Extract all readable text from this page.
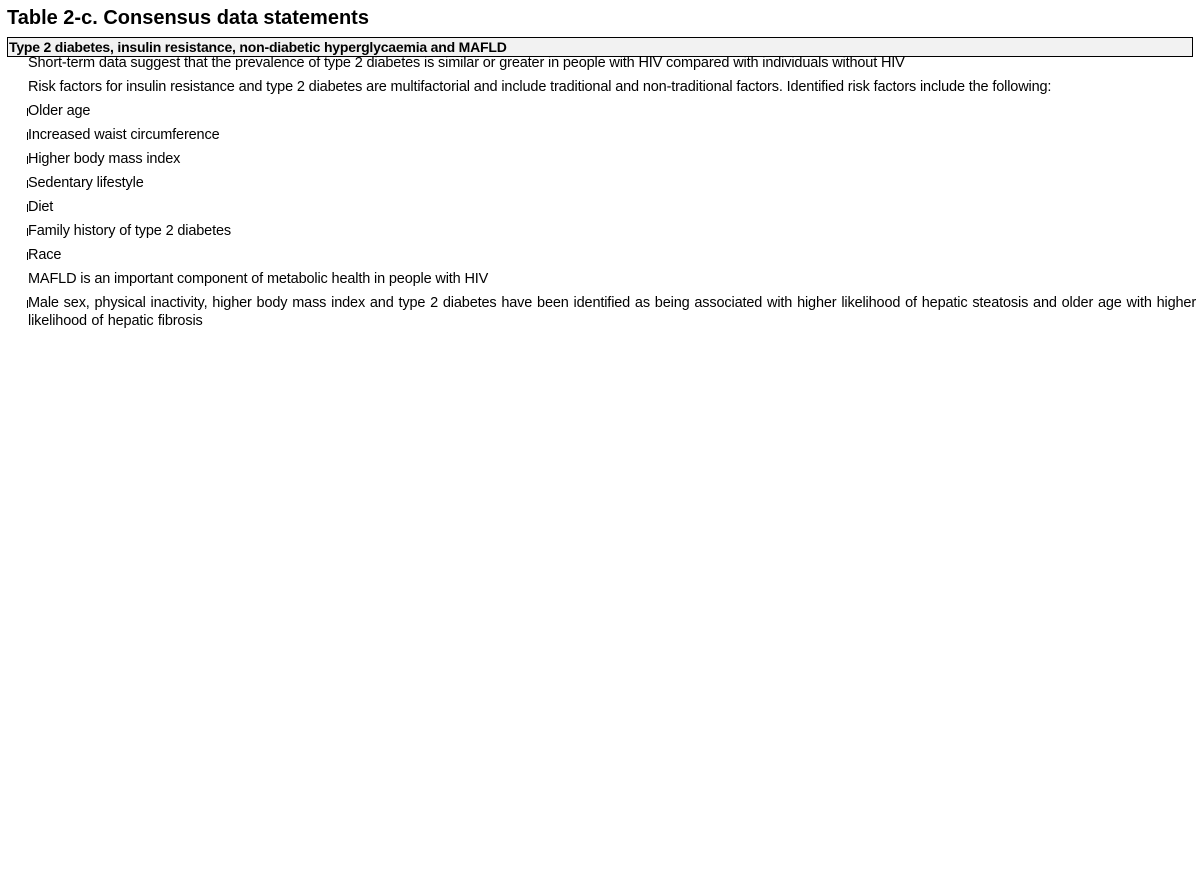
Table 2-c. Consensus data statements
Type 2 diabetes, insulin resistance, non-diabetic hyperglycaemia and MAFLD
Short-term data suggest that the prevalence of type 2 diabetes is similar or greater in people with HIV compared with individuals without HIV
Risk factors for insulin resistance and type 2 diabetes are multifactorial and include traditional and non-traditional factors. Identified risk factors include the following:
Older age
Increased waist circumference
Higher body mass index
Sedentary lifestyle
Diet
Family history of type 2 diabetes
Race
MAFLD is an important component of metabolic health in people with HIV
Male sex, physical inactivity, higher body mass index and type 2 diabetes have been identified as being associated with higher likelihood of hepatic steatosis and older age with higher likelihood of hepatic fibrosis
